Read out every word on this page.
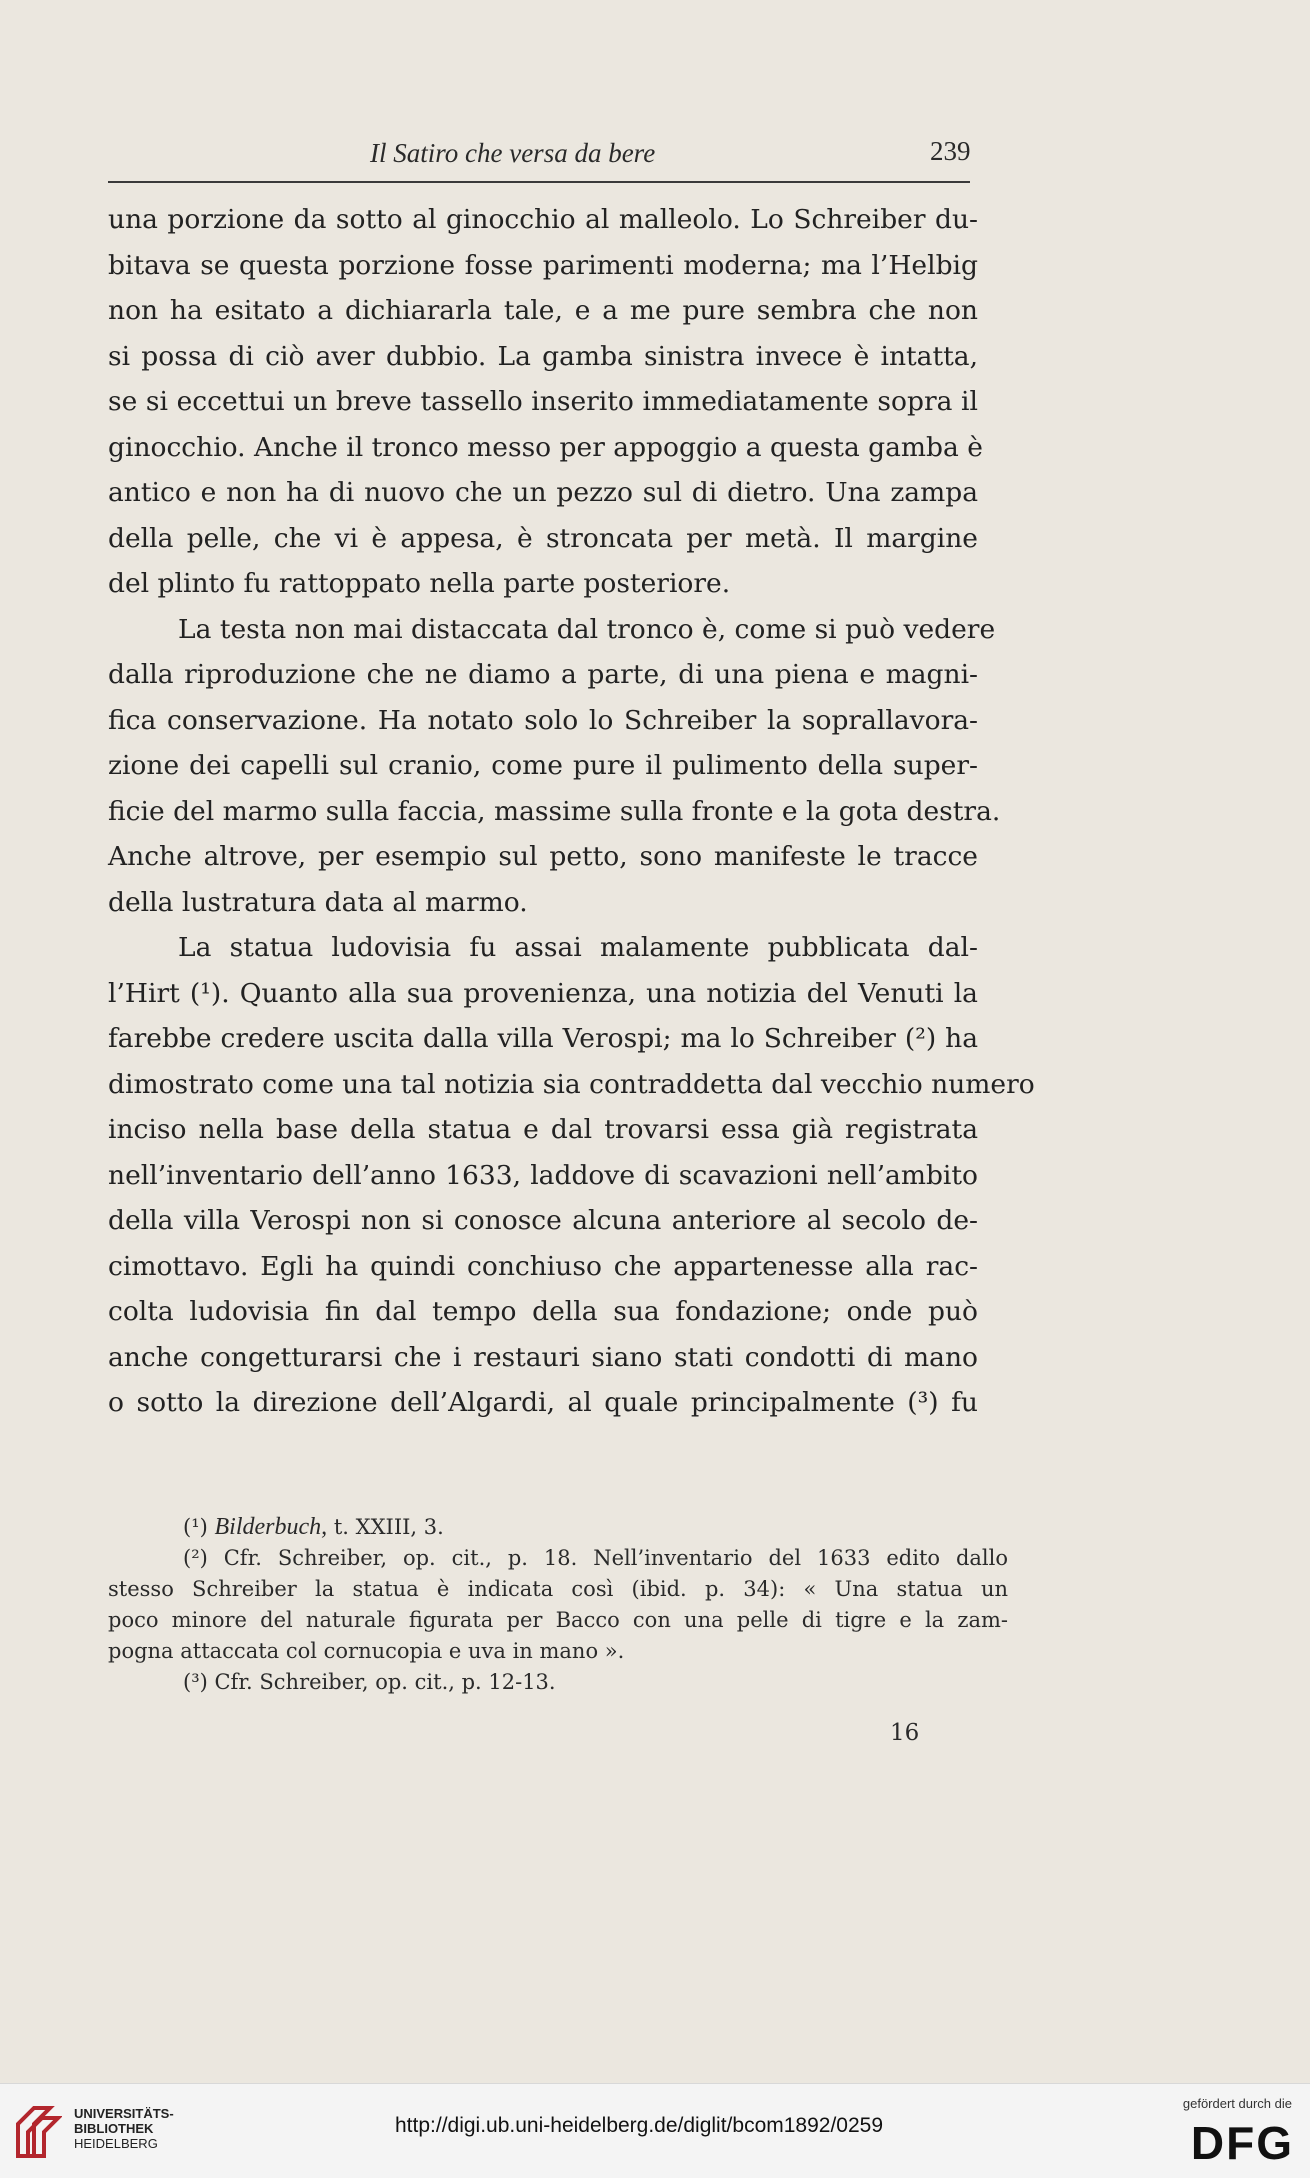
Il Satiro che versa da bere	239
una porzione da sotto al ginocchio al malleolo. Lo Schreiber du-
bitava se questa porzione fosse parimenti moderna; ma l’Helbig
non ha esitato a dichiararla tale, e a me pure sembra che non
si possa di ciò aver dubbio. La gamba sinistra invece è intatta,
se si eccettui un breve tassello inserito immediatamente sopra il
ginocchio. Anche il tronco messo per appoggio a questa gamba è
antico e non ha di nuovo che un pezzo sul di dietro. Una zampa
della pelle, che vi è appesa, è stroncata per metà. Il margine
del plinto fu rattoppato nella parte posteriore.
La testa non mai distaccata dal tronco è, come si può vedere
dalla riproduzione che ne diamo a parte, di una piena e magni-
fica conservazione. Ha notato solo lo Schreiber la soprallavora-
zione dei capelli sul cranio, come pure il pulimento della super-
ficie del marmo sulla faccia, massime sulla fronte e la gota destra.
Anche altrove, per esempio sul petto, sono manifeste le tracce
della lustratura data al marmo.
La statua ludovisia fu assai malamente pubblicata dal-
l’Hirt (¹). Quanto alla sua provenienza, una notizia del Venuti la
farebbe credere uscita dalla villa Verospi; ma lo Schreiber (²) ha
dimostrato come una tal notizia sia contraddetta dal vecchio numero
inciso nella base della statua e dal trovarsi essa già registrata
nell’inventario dell’anno 1633, laddove di scavazioni nell’ambito
della villa Verospi non si conosce alcuna anteriore al secolo de-
cimottavo. Egli ha quindi conchiuso che appartenesse alla rac-
colta ludovisia fin dal tempo della sua fondazione; onde può
anche congetturarsi che i restauri siano stati condotti di mano
o sotto la direzione dell’Algardi, al quale principalmente (³) fu
(¹) Bilderbuch, t. XXIII, 3.
(²) Cfr. Schreiber, op. cit., p. 18. Nell’inventario del 1633 edito dallo
stesso Schreiber la statua è indicata così (ibid. p. 34): « Una statua un
poco minore del naturale figurata per Bacco con una pelle di tigre e la zam-
pogna attaccata col cornucopia e uva in mano ».
(³) Cfr. Schreiber, op. cit., p. 12-13.
16
UNIVERSITÄTS-
BIBLIOTHEK
HEIDELBERG
http://digi.ub.uni-heidelberg.de/diglit/bcom1892/0259
gefördert durch die
DFG
